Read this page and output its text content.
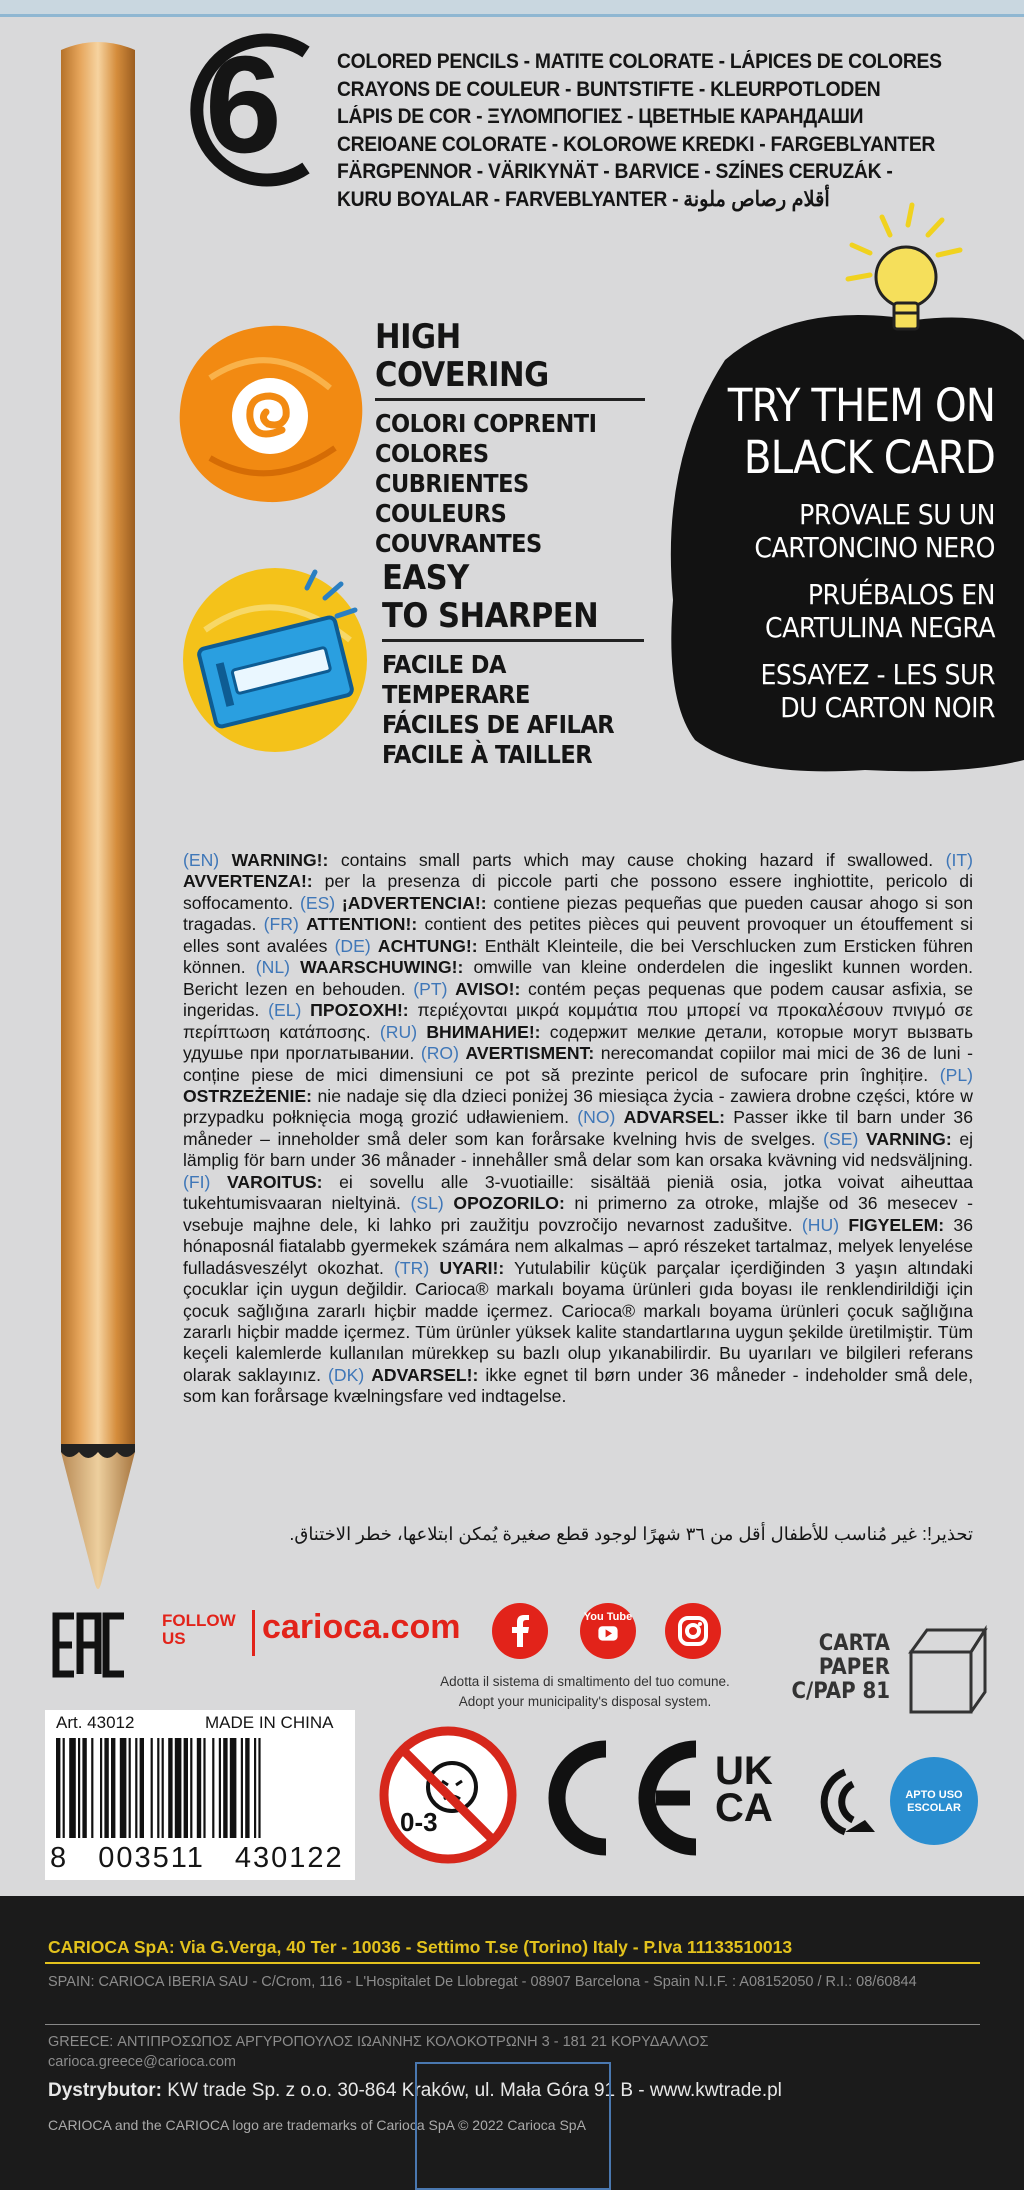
6	COLORED PENCILS - MATITE COLORATE - LÁPICES DE COLORES
CRAYONS DE COULEUR - BUNTSTIFTE - KLEURPOTLODEN
LÁPIS DE COR - ΞΥΛΟΜΠΟΓΙΕΣ - ЦВЕТНЫЕ КАРАНДАШИ
CREIOANE COLORATE - KOLOROWE KREDKI - FARGEBLYANTER
FÄRGPENNOR - VÄRIKYNÄT - BARVICE - SZÍNES CERUZÁK -
KURU BOYALAR - FARVEBLYANTER - أقلام رصاص ملونة
TRY THEM ON
BLACK CARD
PROVALE SU UN
CARTONCINO NERO
PRUÉBALOS EN
CARTULINA NEGRA
ESSAYEZ - LES SUR
DU CARTON NOIR
HIGH
COVERING
COLORI COPRENTI
COLORES CUBRIENTES
COULEURS COUVRANTES
EASY
TO SHARPEN
FACILE DA TEMPERARE
FÁCILES DE AFILAR
FACILE À TAILLER
(EN) WARNING!: contains small parts which may cause choking hazard if swallowed. (IT) AVVERTENZA!: per la presenza di piccole parti che possono essere inghiottite, pericolo di soffocamento. (ES) ¡ADVERTENCIA!: contiene piezas pequeñas que pueden causar ahogo si son tragadas. (FR) ATTENTION!: contient des petites pièces qui peuvent provoquer un étouffement si elles sont avalées (DE) ACHTUNG!: Enthält Kleinteile, die bei Verschlucken zum Ersticken führen können. (NL) WAARSCHUWING!: omwille van kleine onderdelen die ingeslikt kunnen worden. Bericht lezen en behouden. (PT) AVISO!: contém peças pequenas que podem causar asfixia, se ingeridas. (EL) ΠΡΟΣΟΧΗ!: περιέχονται μικρά κομμάτια που μπορεί να προκαλέσουν πνιγμό σε περίπτωση κατάποσης. (RU) ВНИМАНИЕ!: содержит мелкие детали, которые могут вызвать удушье при проглатывании. (RO) AVERTISMENT: nerecomandat copiilor mai mici de 36 de luni - conține piese de mici dimensiuni ce pot să prezinte pericol de sufocare prin înghițire. (PL) OSTRZEŻENIE: nie nadaje się dla dzieci poniżej 36 miesiąca życia - zawiera drobne części, które w przypadku połknięcia mogą grozić udławieniem. (NO) ADVARSEL: Passer ikke til barn under 36 måneder – inneholder små deler som kan forårsake kvelning hvis de svelges. (SE) VARNING: ej lämplig för barn under 36 månader - innehåller små delar som kan orsaka kvävning vid nedsväljning. (FI) VAROITUS: ei sovellu alle 3-vuotiaille: sisältää pieniä osia, jotka voivat aiheuttaa tukehtumisvaaran nieltyinä. (SL) OPOZORILO: ni primerno za otroke, mlajše od 36 mesecev - vsebuje majhne dele, ki lahko pri zaužitju povzročijo nevarnost zadušitve. (HU) FIGYELEM: 36 hónaposnál fiatalabb gyermekek számára nem alkalmas – apró részeket tartalmaz, melyek lenyelése fulladásveszélyt okozhat. (TR) UYARI!: Yutulabilir küçük parçalar içerdiğinden 3 yaşın altındaki çocuklar için uygun değildir. Carioca® markalı boyama ürünleri gıda boyası ile renklendirildiği için çocuk sağlığına zararlı hiçbir madde içermez. Carioca® markalı boyama ürünleri çocuk sağlığına zararlı hiçbir madde içermez. Tüm ürünler yüksek kalite standartlarına uygun şekilde üretilmiştir. Tüm keçeli kalemlerde kullanılan mürekkep su bazlı olup yıkanabilirdir. Bu uyarıları ve bilgileri referans olarak saklayınız. (DK) ADVARSEL!: ikke egnet til børn under 36 måneder - indeholder små dele, som kan forårsage kvælningsfare ved indtagelse.
تحذير!: غير مُناسب للأطفال أقل من ٣٦ شهرًا لوجود قطع صغيرة يُمكن ابتلاعها، خطر الاختناق.
EAC
FOLLOW
US	carioca.com	You Tube
Adotta il sistema di smaltimento del tuo comune.
Adopt your municipality's disposal system.
CARTA
PAPER
C/PAP 81
Art. 43012	MADE IN CHINA
8 003511 430122
0-3
UK
CA	APTO USO
ESCOLAR
CARIOCA SpA: Via G.Verga, 40 Ter - 10036 - Settimo T.se (Torino) Italy - P.Iva 11133510013
SPAIN: CARIOCA IBERIA SAU - C/Crom, 116 - L'Hospitalet De Llobregat - 08907 Barcelona - Spain N.I.F. : A08152050 / R.I.: 08/60844
GREECE: ΑΝΤΙΠΡΟΣΩΠΟΣ ΑΡΓΥΡΟΠΟΥΛΟΣ ΙΩΑΝΝΗΣ ΚΟΛΟΚΟΤΡΩΝΗ 3 - 181 21 ΚΟΡΥΔΑΛΛΟΣ
carioca.greece@carioca.com
Dystrybutor: KW trade Sp. z o.o. 30-864 Kraków, ul. Mała Góra 91 B - www.kwtrade.pl
CARIOCA and the CARIOCA logo are trademarks of Carioca SpA © 2022 Carioca SpA
